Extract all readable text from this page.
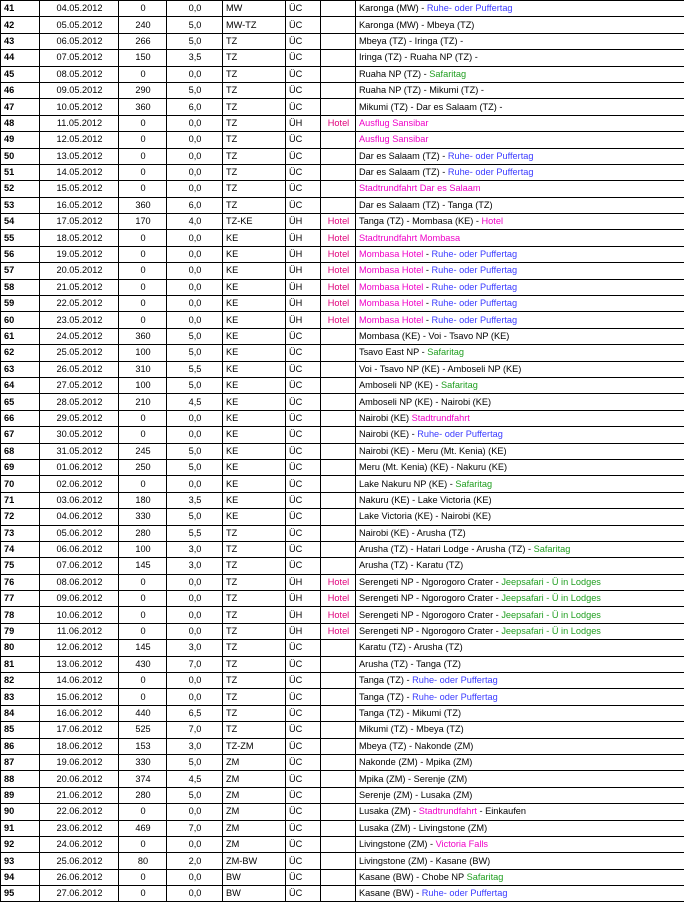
41	04.05.2012	0	0,0	MW	ÜC		Karonga (MW) - Ruhe- oder Puffertag
42	05.05.2012	240	5,0	MW-TZ	ÜC		Karonga (MW) - Mbeya (TZ)
43	06.05.2012	266	5,0	TZ	ÜC		Mbeya (TZ) - Iringa (TZ) -
44	07.05.2012	150	3,5	TZ	ÜC		Iringa (TZ) - Ruaha NP (TZ) -
45	08.05.2012	0	0,0	TZ	ÜC		Ruaha NP (TZ) - Safaritag
46	09.05.2012	290	5,0	TZ	ÜC		Ruaha NP (TZ) - Mikumi (TZ) -
47	10.05.2012	360	6,0	TZ	ÜC		Mikumi (TZ) - Dar es Salaam (TZ) -
48	11.05.2012	0	0,0	TZ	ÜH	Hotel	Ausflug Sansibar
49	12.05.2012	0	0,0	TZ	ÜC		Ausflug Sansibar
50	13.05.2012	0	0,0	TZ	ÜC		Dar es Salaam (TZ) - Ruhe- oder Puffertag
51	14.05.2012	0	0,0	TZ	ÜC		Dar es Salaam (TZ) - Ruhe- oder Puffertag
52	15.05.2012	0	0,0	TZ	ÜC		Stadtrundfahrt Dar es Salaam
53	16.05.2012	360	6,0	TZ	ÜC		Dar es Salaam (TZ) - Tanga (TZ)
54	17.05.2012	170	4,0	TZ-KE	ÜH	Hotel	Tanga (TZ) - Mombasa (KE) - Hotel
55	18.05.2012	0	0,0	KE	ÜH	Hotel	Stadtrundfahrt Mombasa
56	19.05.2012	0	0,0	KE	ÜH	Hotel	Mombasa Hotel - Ruhe- oder Puffertag
57	20.05.2012	0	0,0	KE	ÜH	Hotel	Mombasa Hotel - Ruhe- oder Puffertag
58	21.05.2012	0	0,0	KE	ÜH	Hotel	Mombasa Hotel - Ruhe- oder Puffertag
59	22.05.2012	0	0,0	KE	ÜH	Hotel	Mombasa Hotel - Ruhe- oder Puffertag
60	23.05.2012	0	0,0	KE	ÜH	Hotel	Mombasa Hotel - Ruhe- oder Puffertag
61	24.05.2012	360	5,0	KE	ÜC		Mombasa (KE) - Voi - Tsavo NP (KE)
62	25.05.2012	100	5,0	KE	ÜC		Tsavo East NP - Safaritag
63	26.05.2012	310	5,5	KE	ÜC		Voi - Tsavo NP (KE) - Amboseli NP (KE)
64	27.05.2012	100	5,0	KE	ÜC		Amboseli NP (KE) - Safaritag
65	28.05.2012	210	4,5	KE	ÜC		Amboseli NP (KE) - Nairobi (KE)
66	29.05.2012	0	0,0	KE	ÜC		Nairobi (KE) Stadtrundfahrt
67	30.05.2012	0	0,0	KE	ÜC		Nairobi (KE) - Ruhe- oder Puffertag
68	31.05.2012	245	5,0	KE	ÜC		Nairobi (KE) - Meru (Mt. Kenia) (KE)
69	01.06.2012	250	5,0	KE	ÜC		Meru (Mt. Kenia) (KE) - Nakuru (KE)
70	02.06.2012	0	0,0	KE	ÜC		Lake Nakuru NP (KE) - Safaritag
71	03.06.2012	180	3,5	KE	ÜC		Nakuru (KE) - Lake Victoria (KE)
72	04.06.2012	330	5,0	KE	ÜC		Lake Victoria (KE) - Nairobi (KE)
73	05.06.2012	280	5,5	TZ	ÜC		Nairobi (KE) - Arusha (TZ)
74	06.06.2012	100	3,0	TZ	ÜC		Arusha (TZ) - Hatari Lodge - Arusha (TZ) - Safaritag
75	07.06.2012	145	3,0	TZ	ÜC		Arusha (TZ) - Karatu (TZ)
76	08.06.2012	0	0,0	TZ	ÜH	Hotel	Serengeti NP - Ngorogoro Crater - Jeepsafari - Ü in Lodges
77	09.06.2012	0	0,0	TZ	ÜH	Hotel	Serengeti NP - Ngorogoro Crater - Jeepsafari - Ü in Lodges
78	10.06.2012	0	0,0	TZ	ÜH	Hotel	Serengeti NP - Ngorogoro Crater - Jeepsafari - Ü in Lodges
79	11.06.2012	0	0,0	TZ	ÜH	Hotel	Serengeti NP - Ngorogoro Crater - Jeepsafari - Ü in Lodges
80	12.06.2012	145	3,0	TZ	ÜC		Karatu (TZ) - Arusha (TZ)
81	13.06.2012	430	7,0	TZ	ÜC		Arusha (TZ) - Tanga (TZ)
82	14.06.2012	0	0,0	TZ	ÜC		Tanga (TZ) - Ruhe- oder Puffertag
83	15.06.2012	0	0,0	TZ	ÜC		Tanga (TZ) - Ruhe- oder Puffertag
84	16.06.2012	440	6,5	TZ	ÜC		Tanga (TZ) - Mikumi (TZ)
85	17.06.2012	525	7,0	TZ	ÜC		Mikumi (TZ) - Mbeya (TZ)
86	18.06.2012	153	3,0	TZ-ZM	ÜC		Mbeya (TZ) - Nakonde (ZM)
87	19.06.2012	330	5,0	ZM	ÜC		Nakonde (ZM) - Mpika (ZM)
88	20.06.2012	374	4,5	ZM	ÜC		Mpika (ZM) - Serenje (ZM)
89	21.06.2012	280	5,0	ZM	ÜC		Serenje (ZM) - Lusaka (ZM)
90	22.06.2012	0	0,0	ZM	ÜC		Lusaka (ZM) - Stadtrundfahrt - Einkaufen
91	23.06.2012	469	7,0	ZM	ÜC		Lusaka (ZM) - Livingstone (ZM)
92	24.06.2012	0	0,0	ZM	ÜC		Livingstone (ZM) - Victoria Falls
93	25.06.2012	80	2,0	ZM-BW	ÜC		Livingstone (ZM) - Kasane (BW)
94	26.06.2012	0	0,0	BW	ÜC		Kasane (BW) - Chobe NP Safaritag
95	27.06.2012	0	0,0	BW	ÜC		Kasane (BW) - Ruhe- oder Puffertag
